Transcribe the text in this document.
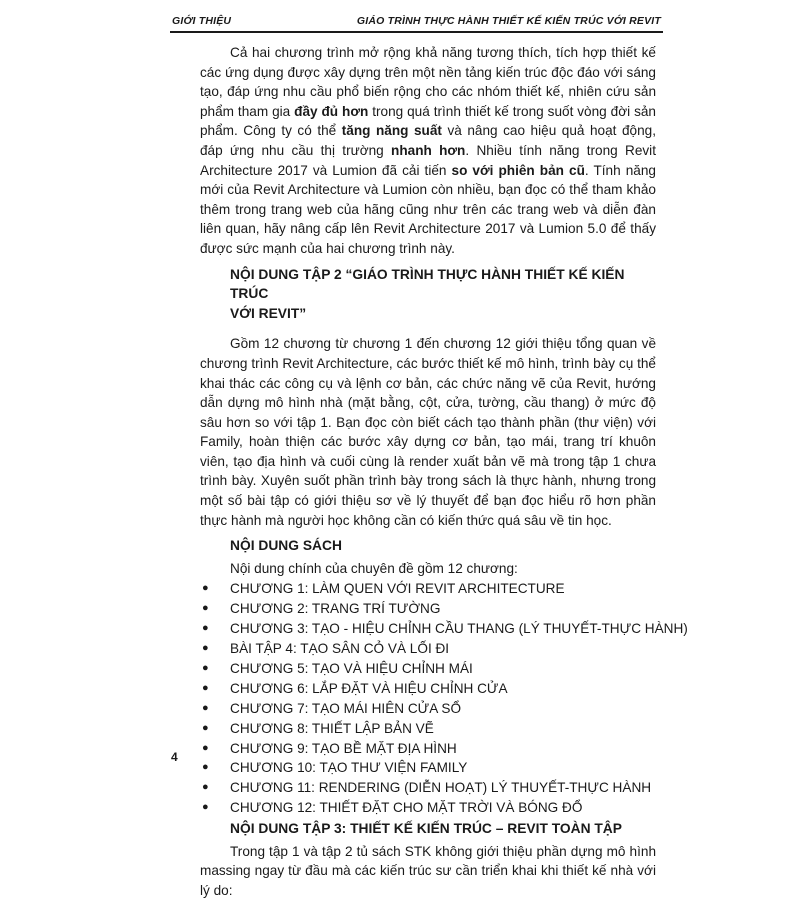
GIỚI THIỆU	GIÁO TRÌNH THỰC HÀNH THIẾT KẾ KIẾN TRÚC VỚI REVIT

Cả hai chương trình mở rộng khả năng tương thích, tích hợp thiết kế các ứng dụng được xây dựng trên một nền tảng kiến trúc độc đáo với sáng tạo, đáp ứng nhu cầu phổ biến rộng cho các nhóm thiết kế, nhiên cứu sản phẩm tham gia đầy đủ hơn trong quá trình thiết kế trong suốt vòng đời sản phẩm. Công ty có thể tăng năng suất và nâng cao hiệu quả hoạt động, đáp ứng nhu cầu thị trường nhanh hơn. Nhiều tính năng trong Revit Architecture 2017 và Lumion đã cải tiến so với phiên bản cũ. Tính năng mới của Revit Architecture và Lumion còn nhiều, bạn đọc có thể tham khảo thêm trong trang web của hãng cũng như trên các trang web và diễn đàn liên quan, hãy nâng cấp lên Revit Architecture 2017 và Lumion 5.0 để thấy được sức mạnh của hai chương trình này.

NỘI DUNG TẬP 2 “GIÁO TRÌNH THỰC HÀNH THIẾT KẾ KIẾN TRÚC
VỚI REVIT”

Gồm 12 chương từ chương 1 đến chương 12 giới thiệu tổng quan về chương trình Revit Architecture, các bước thiết kế mô hình, trình bày cụ thể khai thác các công cụ và lệnh cơ bản, các chức năng vẽ của Revit, hướng dẫn dựng mô hình nhà (mặt bằng, cột, cửa, tường, cầu thang) ở mức độ sâu hơn so với tập 1. Bạn đọc còn biết cách tạo thành phần (thư viện) với Family, hoàn thiện các bước xây dựng cơ bản, tạo mái, trang trí khuôn viên, tạo địa hình và cuối cùng là render xuất bản vẽ mà trong tập 1 chưa trình bày. Xuyên suốt phần trình bày trong sách là thực hành, nhưng trong một số bài tập có giới thiệu sơ về lý thuyết để bạn đọc hiểu rõ hơn phần thực hành mà người học không cần có kiến thức quá sâu về tin học.

NỘI DUNG SÁCH

Nội dung chính của chuyên đề gồm 12 chương:

● CHƯƠNG 1: LÀM QUEN VỚI REVIT ARCHITECTURE
● CHƯƠNG 2: TRANG TRÍ TƯỜNG
● CHƯƠNG 3: TẠO - HIỆU CHỈNH CẦU THANG (LÝ THUYẾT-THỰC HÀNH)
● BÀI TẬP 4: TẠO SÂN CỎ VÀ LỐI ĐI
● CHƯƠNG 5: TẠO VÀ HIỆU CHỈNH MÁI
● CHƯƠNG 6: LẮP ĐẶT VÀ HIỆU CHỈNH CỬA
● CHƯƠNG 7: TẠO MÁI HIÊN CỬA SỔ
● CHƯƠNG 8: THIẾT LẬP BẢN VẼ
● CHƯƠNG 9: TẠO BỀ MẶT ĐỊA HÌNH
● CHƯƠNG 10: TẠO THƯ VIỆN FAMILY
● CHƯƠNG 11: RENDERING (DIỄN HOẠT) LÝ THUYẾT-THỰC HÀNH
● CHƯƠNG 12: THIẾT ĐẶT CHO MẶT TRỜI VÀ BÓNG ĐỔ
NỘI DUNG TẬP 3: THIẾT KẾ KIẾN TRÚC – REVIT TOÀN TẬP

Trong tập 1 và tập 2 tủ sách STK không giới thiệu phần dựng mô hình massing ngay từ đầu mà các kiến trúc sư cần triển khai khi thiết kế nhà với lý do:

4
